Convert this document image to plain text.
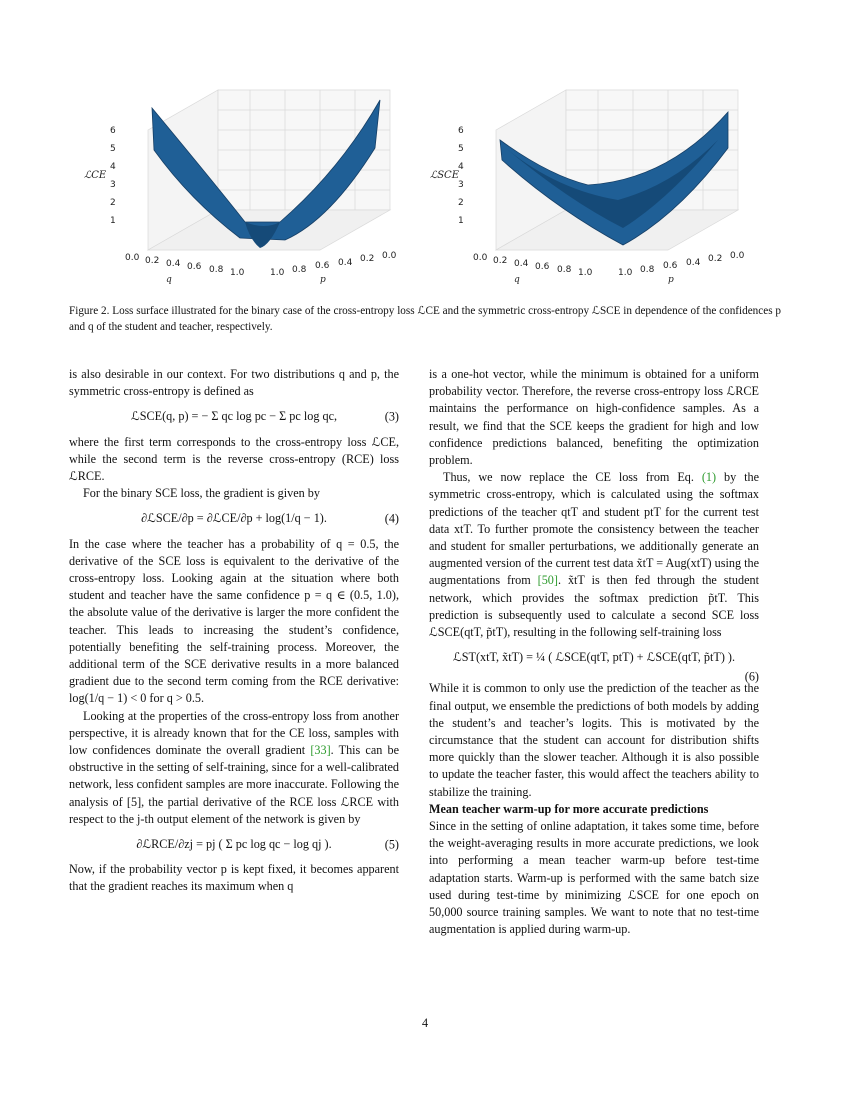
6
5
4
3
2
1
ℒCE
0.0 0.2 0.4 0.6 0.8 1.0
q
1.0 0.8 0.6 0.4 0.2 0.0
p
6
5
4
3
2
1
ℒSCE
0.0 0.2 0.4 0.6 0.8 1.0
q
1.0 0.8 0.6 0.4 0.2 0.0
p
Figure 2. Loss surface illustrated for the binary case of the cross-entropy loss ℒCE and the symmetric cross-entropy ℒSCE in dependence of the confidences p and q of the student and teacher, respectively.

is also desirable in our context. For two distributions q and p, the symmetric cross-entropy is defined as

ℒSCE(q, p) = − Σ qc log pc − Σ pc log qc,	(3)

where the first term corresponds to the cross-entropy loss ℒCE, while the second term is the reverse cross-entropy (RCE) loss ℒRCE.

For the binary SCE loss, the gradient is given by

∂ℒSCE/∂p = ∂ℒCE/∂p + log(1/q − 1).	(4)

In the case where the teacher has a probability of q = 0.5, the derivative of the SCE loss is equivalent to the derivative of the cross-entropy loss. Looking again at the situation where both student and teacher have the same confidence p = q ∈ (0.5, 1.0), the absolute value of the derivative is larger the more confident the teacher. This leads to increasing the student’s confidence, potentially benefiting the self-training process. Moreover, the additional term of the SCE derivative results in a more balanced gradient due to the second term coming from the RCE derivative: log(1/q − 1) < 0 for q > 0.5.

Looking at the properties of the cross-entropy loss from another perspective, it is already known that for the CE loss, samples with low confidences dominate the overall gradient [33]. This can be obstructive in the setting of self-training, since for a well-calibrated network, less confident samples are more inaccurate. Following the analysis of [5], the partial derivative of the RCE loss ℒRCE with respect to the j-th output element of the network is given by

∂ℒRCE/∂zj = pj ( Σ pc log qc − log qj ).	(5)

Now, if the probability vector p is kept fixed, it becomes apparent that the gradient reaches its maximum when q

is a one-hot vector, while the minimum is obtained for a uniform probability vector. Therefore, the reverse cross-entropy loss ℒRCE maintains the performance on high-confidence samples. As a result, we find that the SCE keeps the gradient for high and low confidence predictions balanced, benefiting the optimization problem.

Thus, we now replace the CE loss from Eq. (1) by the symmetric cross-entropy, which is calculated using the softmax predictions of the teacher qtT and student ptT for the current test data xtT. To further promote the consistency between the teacher and student for smaller perturbations, we additionally generate an augmented version of the current test data x̃tT = Aug(xtT) using the augmentations from [50]. x̃tT is then fed through the student network, which provides the softmax prediction p̃tT. This prediction is subsequently used to calculate a second SCE loss ℒSCE(qtT, p̃tT), resulting in the following self-training loss

ℒST(xtT, x̃tT) = ¼ ( ℒSCE(qtT, ptT) + ℒSCE(qtT, p̃tT) ).
(6)

While it is common to only use the prediction of the teacher as the final output, we ensemble the predictions of both models by adding the student’s and teacher’s logits. This is motivated by the circumstance that the student can account for distribution shifts more quickly than the slower teacher. Although it is also possible to update the teacher faster, this would affect the teachers ability to stabilize the training.

Mean teacher warm-up for more accurate predictions

Since in the setting of online adaptation, it takes some time, before the weight-averaging results in more accurate predictions, we look into performing a mean teacher warm-up before test-time adaptation starts. Warm-up is performed with the same batch size used during test-time by minimizing ℒSCE for one epoch on 50,000 source training samples. We want to note that no test-time augmentation is applied during warm-up.

4
